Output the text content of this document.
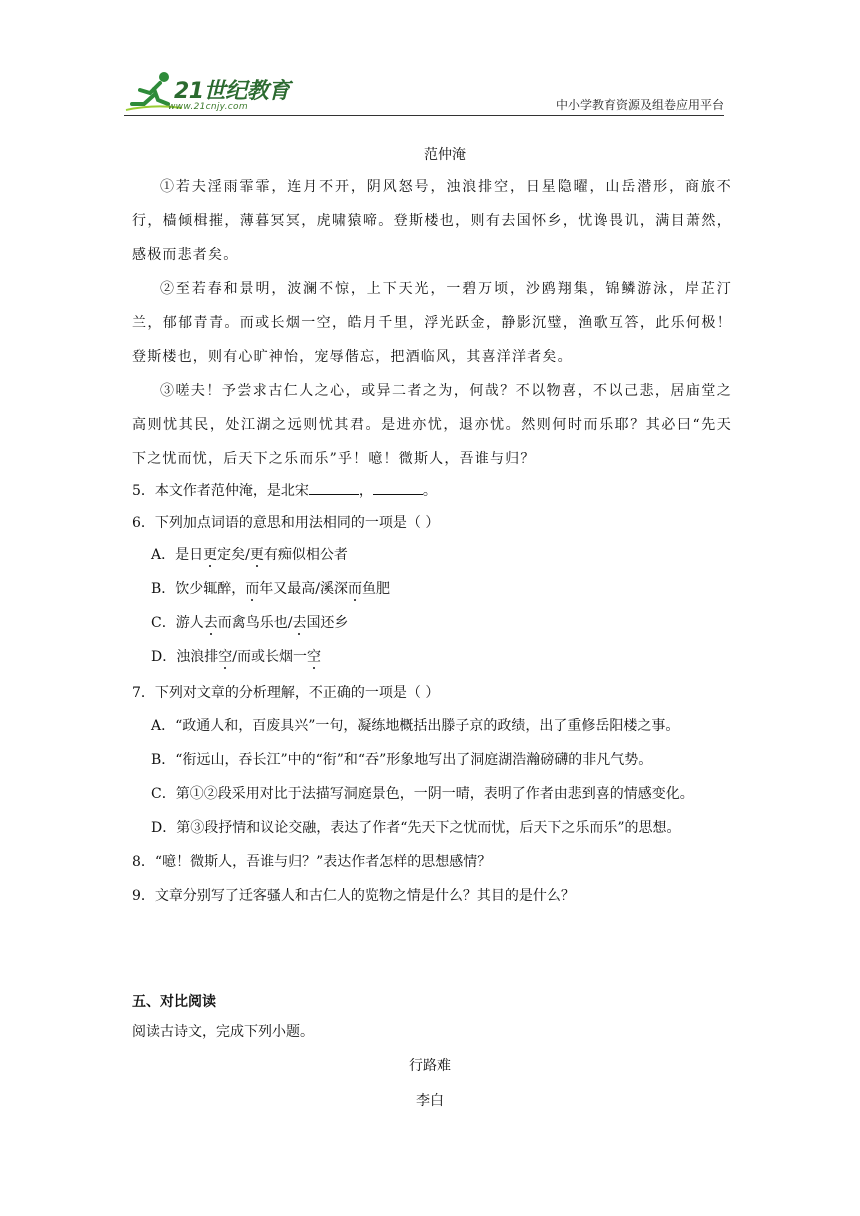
21世纪教育
www.21cnjy.com	中小学教育资源及组卷应用平台
范仲淹
①若夫淫雨霏霏，连月不开，阴风怒号，浊浪排空，日星隐曜，山岳潜形，商旅不行，樯倾楫摧，薄暮冥冥，虎啸猿啼。登斯楼也，则有去国怀乡，忧谗畏讥，满目萧然，感极而悲者矣。
②至若春和景明，波澜不惊，上下天光，一碧万顷，沙鸥翔集，锦鳞游泳，岸芷汀兰，郁郁青青。而或长烟一空，皓月千里，浮光跃金，静影沉璧，渔歌互答，此乐何极！登斯楼也，则有心旷神怡，宠辱偕忘，把酒临风，其喜洋洋者矣。
③嗟夫！予尝求古仁人之心，或异二者之为，何哉？不以物喜，不以己悲，居庙堂之高则忧其民，处江湖之远则忧其君。是进亦忧，退亦忧。然则何时而乐耶？其必曰“先天下之忧而忧，后天下之乐而乐”乎！噫！微斯人，吾谁与归？
5．本文作者范仲淹，是北宋	，	。
6．下列加点词语的意思和用法相同的一项是（ ）
A．是日更定矣/更有痴似相公者
B．饮少辄醉，而年又最高/溪深而鱼肥
C．游人去而禽鸟乐也/去国还乡
D．浊浪排空/而或长烟一空
7．下列对文章的分析理解，不正确的一项是（ ）
A．“政通人和，百废具兴”一句，凝练地概括出滕子京的政绩，出了重修岳阳楼之事。
B．“衔远山，吞长江”中的“衔”和“吞”形象地写出了洞庭湖浩瀚磅礴的非凡气势。
C．第①②段采用对比于法描写洞庭景色，一阴一晴，表明了作者由悲到喜的情感变化。
D．第③段抒情和议论交融，表达了作者“先天下之忧而忧，后天下之乐而乐”的思想。
8．“噫！微斯人，吾谁与归？”表达作者怎样的思想感情？
9．文章分别写了迁客骚人和古仁人的览物之情是什么？其目的是什么？
五、对比阅读
阅读古诗文，完成下列小题。
行路难
李白
